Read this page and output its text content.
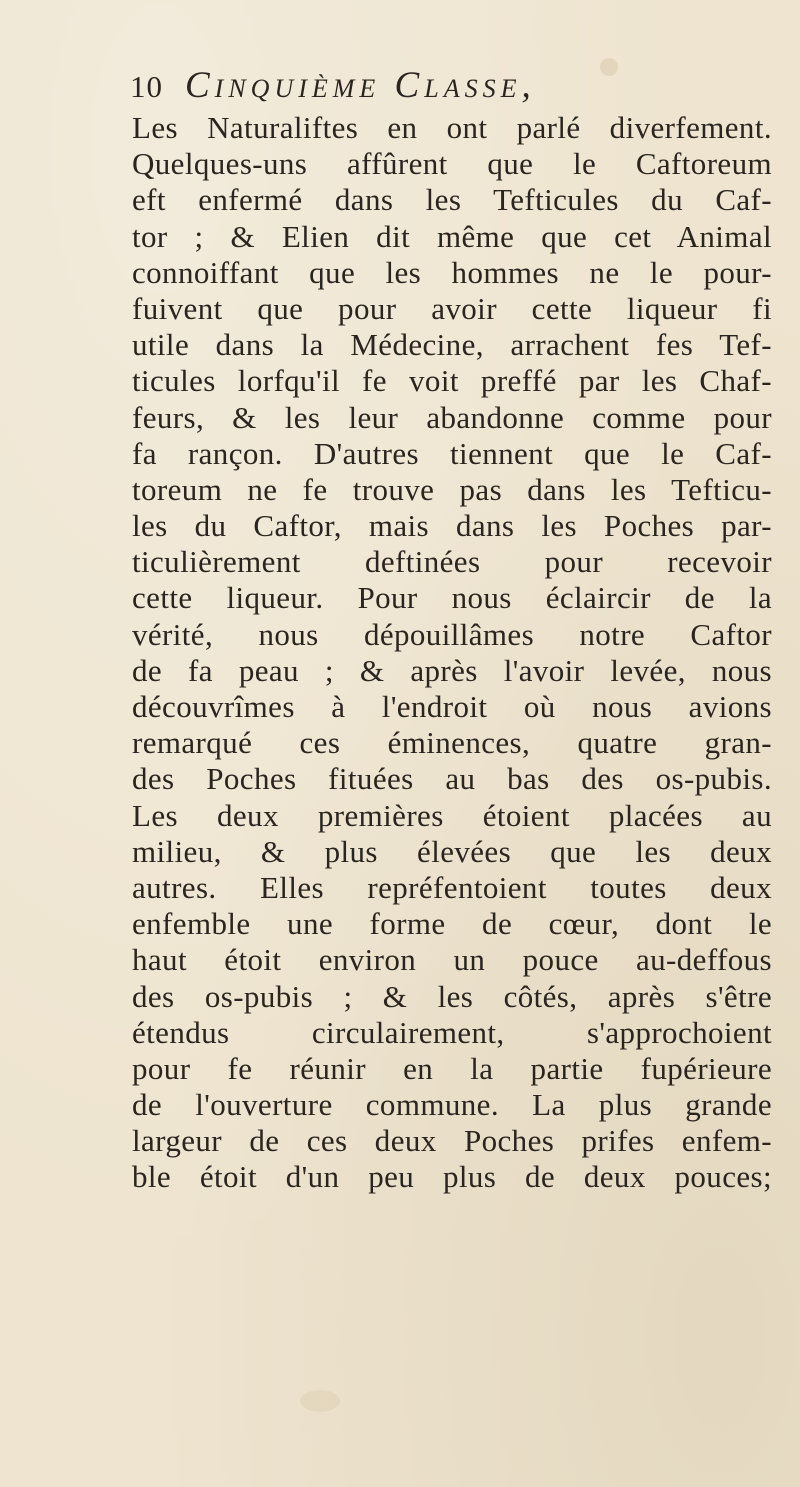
10 Cinquième Classe,
Les Naturaliftes en ont parlé diverfement.
Quelques-uns affûrent que le Caftoreum
eft enfermé dans les Tefticules du Caf-
tor ; & Elien dit même que cet Animal
connoiffant que les hommes ne le pour-
fuivent que pour avoir cette liqueur fi
utile dans la Médecine, arrachent fes Tef-
ticules lorfqu'il fe voit preffé par les Chaf-
feurs, & les leur abandonne comme pour
fa rançon. D'autres tiennent que le Caf-
toreum ne fe trouve pas dans les Tefticu-
les du Caftor, mais dans les Poches par-
ticulièrement deftinées pour recevoir
cette liqueur. Pour nous éclaircir de la
vérité, nous dépouillâmes notre Caftor
de fa peau ; & après l'avoir levée, nous
découvrîmes à l'endroit où nous avions
remarqué ces éminences, quatre gran-
des Poches fituées au bas des os-pubis.
Les deux premières étoient placées au
milieu, & plus élevées que les deux
autres. Elles repréfentoient toutes deux
enfemble une forme de cœur, dont le
haut étoit environ un pouce au-deffous
des os-pubis ; & les côtés, après s'être
étendus circulairement, s'approchoient
pour fe réunir en la partie fupérieure
de l'ouverture commune. La plus grande
largeur de ces deux Poches prifes enfem-
ble étoit d'un peu plus de deux pouces;
